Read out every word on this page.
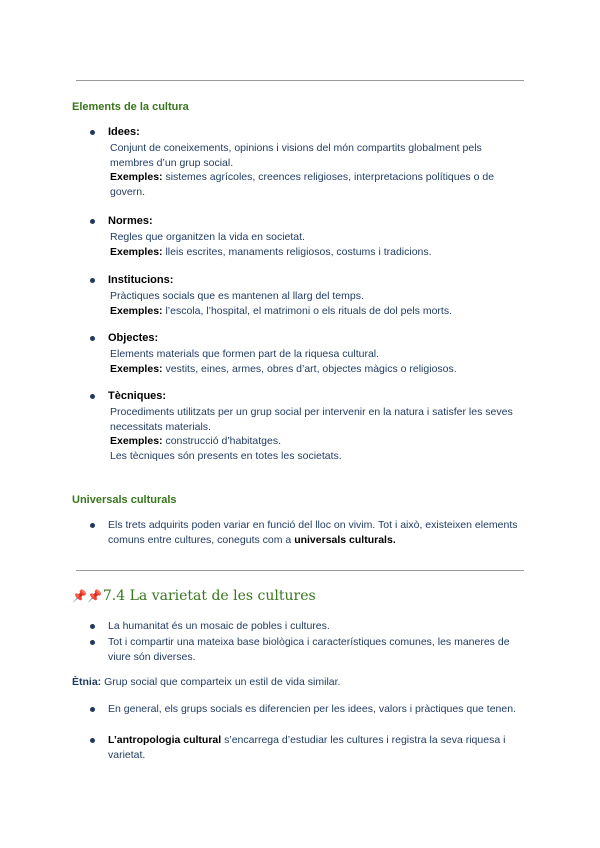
Elements de la cultura
Idees:
Conjunt de coneixements, opinions i visions del món compartits globalment pels membres d’un grup social.
Exemples: sistemes agrícoles, creences religioses, interpretacions polítiques o de govern.
Normes:
Regles que organitzen la vida en societat.
Exemples: lleis escrites, manaments religiosos, costums i tradicions.
Institucions:
Pràctiques socials que es mantenen al llarg del temps.
Exemples: l’escola, l’hospital, el matrimoni o els rituals de dol pels morts.
Objectes:
Elements materials que formen part de la riquesa cultural.
Exemples: vestits, eines, armes, obres d’art, objectes màgics o religiosos.
Tècniques:
Procediments utilitzats per un grup social per intervenir en la natura i satisfer les seves necessitats materials.
Exemples: construcció d’habitatges.
Les tècniques són presents en totes les societats.
Universals culturals
Els trets adquirits poden variar en funció del lloc on vivim. Tot i això, existeixen elements comuns entre cultures, coneguts com a universals culturals.
📌📌7.4 La varietat de les cultures
La humanitat és un mosaic de pobles i cultures.
Tot i compartir una mateixa base biològica i característiques comunes, les maneres de viure són diverses.
Ètnia: Grup social que comparteix un estil de vida similar.
En general, els grups socials es diferencien per les idees, valors i pràctiques que tenen.
L’antropologia cultural s’encarrega d’estudiar les cultures i registra la seva riquesa i varietat.
